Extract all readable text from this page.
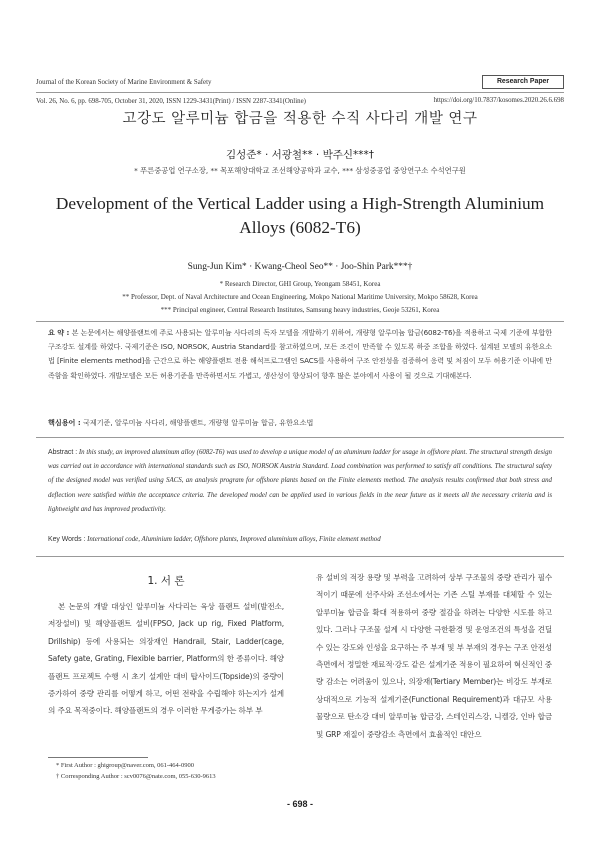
Journal of the Korean Society of Marine Environment & Safety
Vol. 26, No. 6, pp. 698-705, October 31, 2020, ISSN 1229-3431(Print) / ISSN 2287-3341(Online)
Research Paper
https://doi.org/10.7837/kosomes.2020.26.6.698
고강도 알루미늄 합금을 적용한 수직 사다리 개발 연구
김성준* · 서광철** · 박주신***†
* 푸른중공업 연구소장, ** 목포해양대학교 조선해양공학과 교수, *** 삼성중공업 중앙연구소 수석연구원
Development of the Vertical Ladder using a High-Strength Aluminium Alloys (6082-T6)
Sung-Jun Kim* · Kwang-Cheol Seo** · Joo-Shin Park***†
* Research Director, GHI Group, Yeongam 58451, Korea
** Professor, Dept. of Naval Architecture and Ocean Engineering, Mokpo National Maritime University, Mokpo 58628, Korea
*** Principal engineer, Central Research Institutes, Samsung heavy industries, Geoje 53261, Korea
요 약 : 본 논문에서는 해양플랜트에 주로 사용되는 알루미늄 사다리의 독자 모델을 개발하기 위하여, 개량형 알루미늄 합금(6082-T6)을 적용하고 국제 기준에 부합한 구조강도 설계를 하였다. 국제기준은 ISO, NORSOK, Austria Standard를 참고하였으며, 모든 조건이 만족할 수 있도록 하중 조합을 하였다. 설계된 모델의 유한요소법 [Finite elements method]을 근간으로 하는 해양플랜트 전용 해석프로그램인 SACS를 사용하여 구조 안전성을 검증하여 응력 및 처짐이 모두 허용기준 이내에 만족함을 확인하였다. 개발모델은 모든 허용기준을 만족하면서도 가볍고, 생산성이 향상되어 향후 많은 분야에서 사용이 될 것으로 기대해본다.
핵심용어 : 국제기준, 알루미늄 사다리, 해양플랜트, 개량형 알루미늄 합금, 유한요소법
Abstract : In this study, an improved aluminum alloy (6082-T6) was used to develop a unique model of an aluminum ladder for usage in offshore plant. The structural strength design was carried out in accordance with international standards such as ISO, NORSOK Austria Standard. Load combination was performed to satisfy all conditions. The structural safety of the designed model was verified using SACS, an analysis program for offshore plants based on the Finite elements method. The analysis results confirmed that both stress and deflection were satisfied within the acceptance criteria. The developed model can be applied used in various fields in the near future as it meets all the necessary criteria and is lightweight and has improved productivity.
Key Words : International code, Aluminium ladder, Offshore plants, Improved aluminium alloys, Finite element method
1. 서 론
본 논문의 개발 대상인 알루미늄 사다리는 육상 플랜트 설비(발전소, 저장설비) 및 해양플랜트 설비(FPSO, Jack up rig, Fixed Platform, Drillship) 등에 사용되는 의장재인 Handrail, Stair, Ladder(cage, Safety gate, Grating, Flexible barrier, Platform의 한 종류이다. 해양플랜트 프로젝트 수행 시 초기 설계안 대비 탑사이드(Topside)의 중량이 증가하여 중량 관리를 어떻게 하고, 어떤 전략을 수립해야 하는지가 설계의 주요 목적중이다. 해양플랜트의 경우 이러한 무게증가는 하부 부
유 설비의 적장 용량 및 부력을 고려하여 상부 구조물의 중량 관리가 필수적이기 때문에 선주사와 조선소에서는 기존 스틸 부재를 대체할 수 있는 알루미늄 합금을 확대 적용하여 중량 절감을 하려는 다양한 시도를 하고 있다. 그러나 구조물 설계 시 다양한 극한환경 및 운영조건의 특성을 견딜 수 있는 강도와 인성을 요구하는 주 부재 및 부 부재의 경우는 구조 안전성 측면에서 정밀한 재료적·강도 같은 설계기준 적용이 필요하여 혁신적인 중량 감소는 어려움이 있으나, 의장재(Tertiary Member)는 비강도 부재로 상대적으로 기능적 설계기준(Functional Requirement)과 대규모 사용물량으로 탄소강 대비 알루미늄 합금강, 스테인리스강, 니켈강, 인바 합금 및 GRP 재질이 중량감소 측면에서 효율적인 대안으
* First Author : ghigroup@naver.com, 061-464-0900
† Corresponding Author : scv0076@nate.com, 055-630-9613
- 698 -
